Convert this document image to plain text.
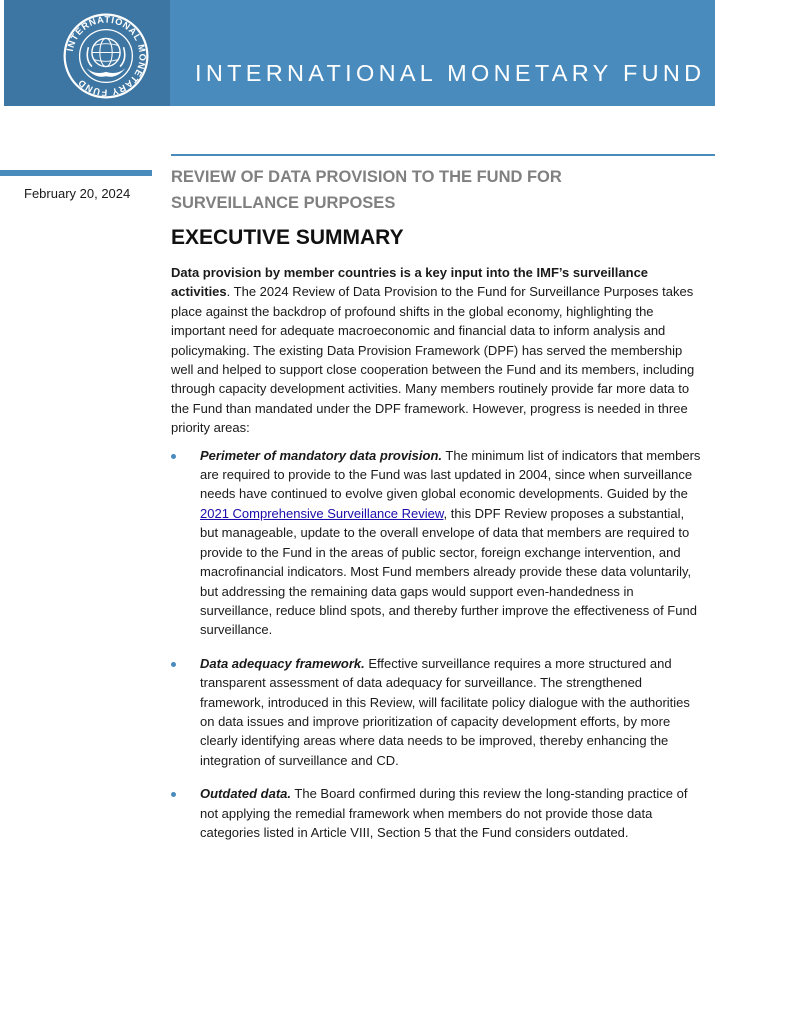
INTERNATIONAL MONETARY FUND	INTERNATIONAL MONETARY FUND
February 20, 2024
REVIEW OF DATA PROVISION TO THE FUND FOR
SURVEILLANCE PURPOSES
EXECUTIVE SUMMARY

Data provision by member countries is a key input into the IMF’s surveillance activities. The 2024 Review of Data Provision to the Fund for Surveillance Purposes takes place against the backdrop of profound shifts in the global economy, highlighting the important need for adequate macroeconomic and financial data to inform analysis and policymaking. The existing Data Provision Framework (DPF) has served the membership well and helped to support close cooperation between the Fund and its members, including through capacity development activities. Many members routinely provide far more data to the Fund than mandated under the DPF framework. However, progress is needed in three priority areas:

Perimeter of mandatory data provision. The minimum list of indicators that members are required to provide to the Fund was last updated in 2004, since when surveillance needs have continued to evolve given global economic developments. Guided by the 2021 Comprehensive Surveillance Review, this DPF Review proposes a substantial, but manageable, update to the overall envelope of data that members are required to provide to the Fund in the areas of public sector, foreign exchange intervention, and macrofinancial indicators. Most Fund members already provide these data voluntarily, but addressing the remaining data gaps would support even-handedness in surveillance, reduce blind spots, and thereby further improve the effectiveness of Fund surveillance.
Data adequacy framework. Effective surveillance requires a more structured and transparent assessment of data adequacy for surveillance. The strengthened framework, introduced in this Review, will facilitate policy dialogue with the authorities on data issues and improve prioritization of capacity development efforts, by more clearly identifying areas where data needs to be improved, thereby enhancing the integration of surveillance and CD.
Outdated data. The Board confirmed during this review the long-standing practice of not applying the remedial framework when members do not provide those data categories listed in Article VIII, Section 5 that the Fund considers outdated.
